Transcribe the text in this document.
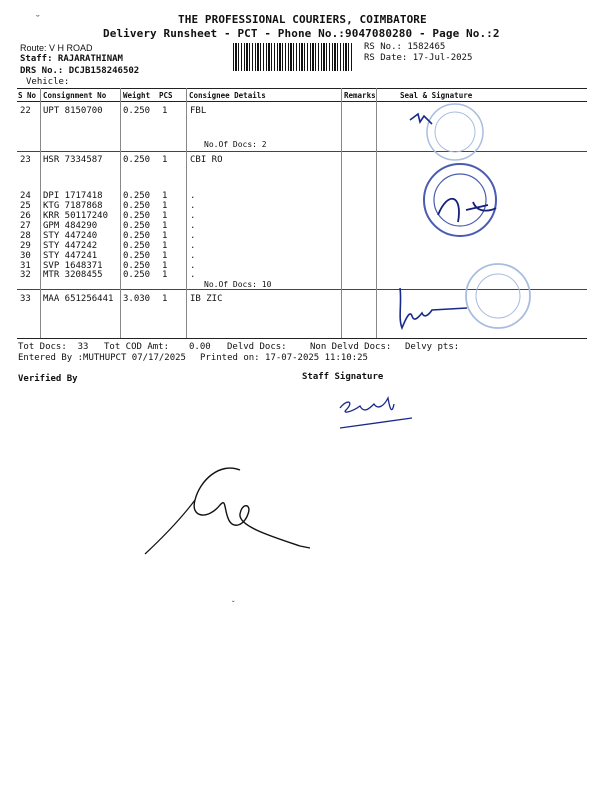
THE PROFESSIONAL COURIERS, COIMBATORE
Delivery Runsheet - PCT - Phone No.:9047080280 - Page No.:2
ˇ
Route: V H ROAD
Staff: RAJARATHINAM
DRS No.: DCJB158246502
Vehicle:
RS No.: 1582465
RS Date: 17-Jul-2025
S No Consignment No Weight PCS Consignee Details	Remarks	Seal & Signature
22 UPT 8150700 0.250 1	FBL
No.Of Docs: 2
23 HSR 7334587 0.250 1	CBI RO
24 DPI 1717418 0.250 1	.
25 KTG 7187868 0.250 1	.
26 KRR 50117240 0.250 1	.
27 GPM 484290	0.250 1	.
28 STY 447240	0.250 1	.
29 STY 447242	0.250 1	.
30 STY 447241	0.250 1	.
31 SVP 1648371 0.250 1	.
32 MTR 3208455 0.250 1	.
No.Of Docs: 10
33 MAA 651256441 3.030 1	IB ZIC
Tot Docs:  33 Tot COD Amt: 0.00 Delvd Docs:	Non Delvd Docs: Delvy pts:
Entered By :MUTHUPCT 07/17/2025 Printed on: 17-07-2025 11:10:25
Verified By	Staff Signature
ˇ
